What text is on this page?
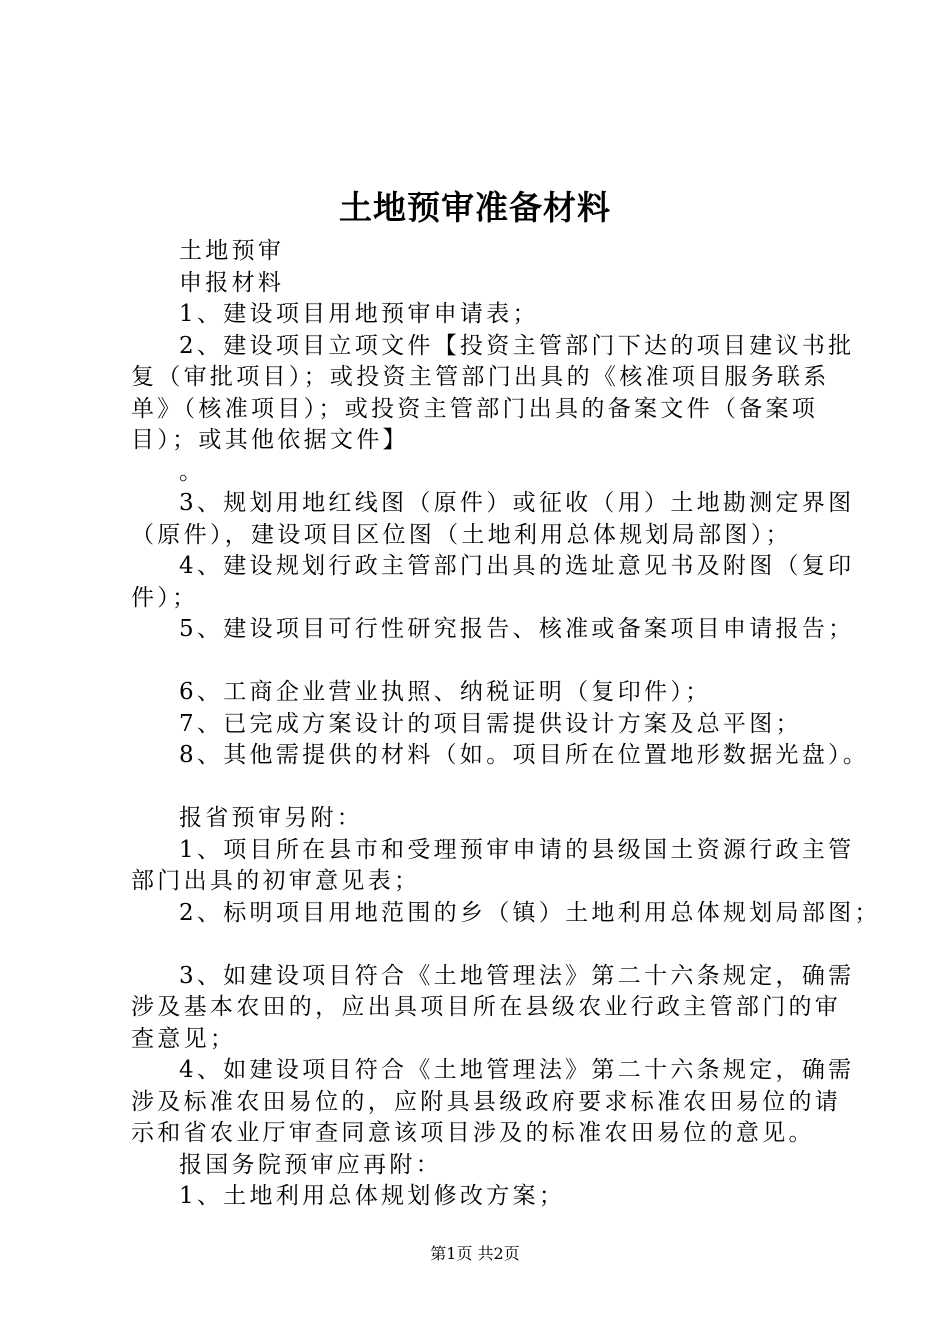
土地预审准备材料
土地预审
申报材料
1、建设项目用地预审申请表；
2、建设项目立项文件【投资主管部门下达的项目建议书批
复（审批项目）；或投资主管部门出具的《核准项目服务联系
单》（核准项目）；或投资主管部门出具的备案文件（备案项
目）；或其他依据文件】
。
3、规划用地红线图（原件）或征收（用）土地勘测定界图
（原件），建设项目区位图（土地利用总体规划局部图）；
4、建设规划行政主管部门出具的选址意见书及附图（复印
件）；
5、建设项目可行性研究报告、核准或备案项目申请报告；
6、工商企业营业执照、纳税证明（复印件）；
7、已完成方案设计的项目需提供设计方案及总平图；
8、其他需提供的材料（如。项目所在位置地形数据光盘）。
报省预审另附：
1、项目所在县市和受理预审申请的县级国土资源行政主管
部门出具的初审意见表；
2、标明项目用地范围的乡（镇）土地利用总体规划局部图；
3、如建设项目符合《土地管理法》第二十六条规定，确需
涉及基本农田的，应出具项目所在县级农业行政主管部门的审
查意见；
4、如建设项目符合《土地管理法》第二十六条规定，确需
涉及标准农田易位的，应附具县级政府要求标准农田易位的请
示和省农业厅审查同意该项目涉及的标准农田易位的意见。
报国务院预审应再附：
1、土地利用总体规划修改方案；
第1页 共2页
